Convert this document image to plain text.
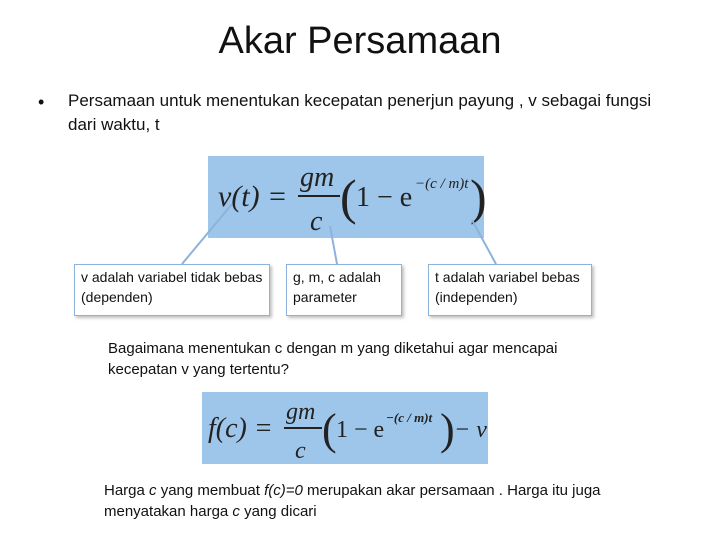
Akar Persamaan
• Persamaan untuk menentukan kecepatan penerjun payung , v sebagai fungsi dari waktu, t
v(t) =
gm
c ( 1 − e −(c / m)t )
v adalah variabel tidak bebas (dependen)
g, m, c adalah parameter
t adalah variabel bebas (independen)
Bagaimana menentukan c dengan m yang diketahui agar mencapai kecepatan v yang tertentu?
f(c) =
gm
c ( 1 − e −(c / m)t ) − v
Harga c yang membuat f(c)=0 merupakan akar persamaan . Harga itu juga menyatakan harga c yang dicari
